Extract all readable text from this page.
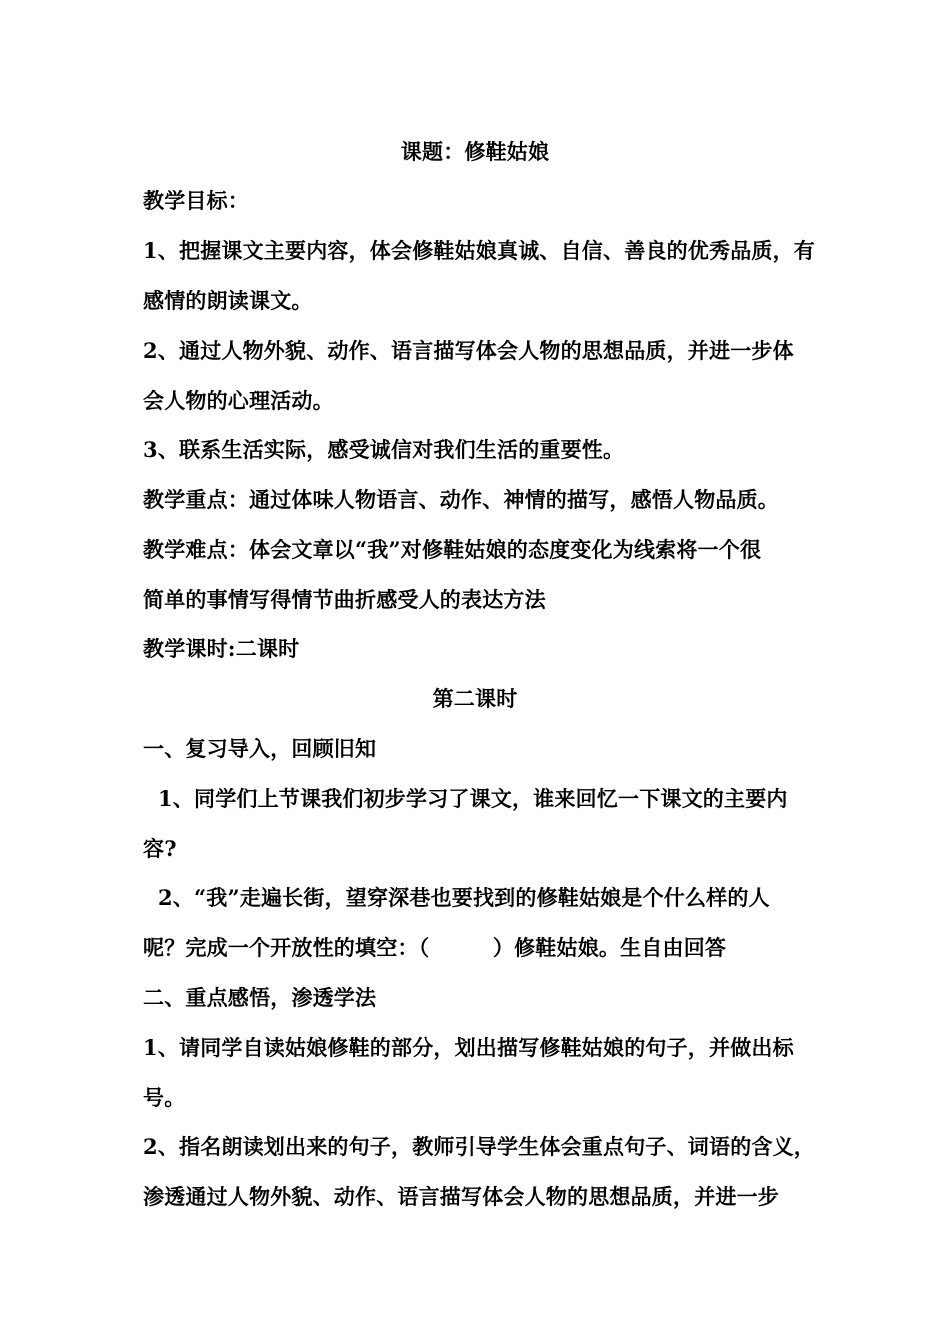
课题：修鞋姑娘
教学目标：
1、把握课文主要内容，体会修鞋姑娘真诚、自信、善良的优秀品质，有
感情的朗读课文。
2、通过人物外貌、动作、语言描写体会人物的思想品质，并进一步体
会人物的心理活动。
3、联系生活实际，感受诚信对我们生活的重要性。
教学重点：通过体味人物语言、动作、神情的描写，感悟人物品质。
教学难点：体会文章以“我”对修鞋姑娘的态度变化为线索将一个很
简单的事情写得情节曲折感受人的表达方法
教学课时:二课时
第二课时
一、复习导入，回顾旧知
1、同学们上节课我们初步学习了课文，谁来回忆一下课文的主要内
容?
2、“我”走遍长街，望穿深巷也要找到的修鞋姑娘是个什么样的人
呢？完成一个开放性的填空：（　　　）修鞋姑娘。生自由回答
二、重点感悟，渗透学法
1、请同学自读姑娘修鞋的部分，划出描写修鞋姑娘的句子，并做出标
号。
2、指名朗读划出来的句子，教师引导学生体会重点句子、词语的含义，
渗透通过人物外貌、动作、语言描写体会人物的思想品质，并进一步
